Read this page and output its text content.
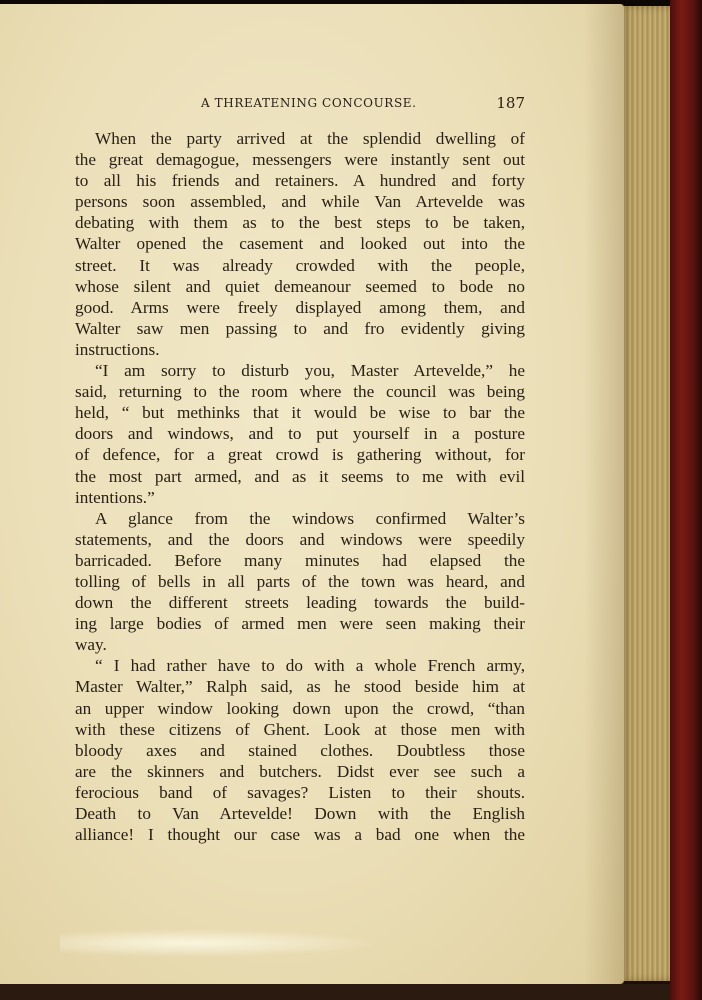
A THREATENING CONCOURSE.	187
When the party arrived at the splendid dwelling of
the great demagogue, messengers were instantly sent out
to all his friends and retainers. A hundred and forty
persons soon assembled, and while Van Artevelde was
debating with them as to the best steps to be taken,
Walter opened the casement and looked out into the
street. It was already crowded with the people,
whose silent and quiet demeanour seemed to bode no
good. Arms were freely displayed among them, and
Walter saw men passing to and fro evidently giving
instructions.
“I am sorry to disturb you, Master Artevelde,” he
said, returning to the room where the council was being
held, “ but methinks that it would be wise to bar the
doors and windows, and to put yourself in a posture
of defence, for a great crowd is gathering without, for
the most part armed, and as it seems to me with evil
intentions.”
A glance from the windows confirmed Walter’s
statements, and the doors and windows were speedily
barricaded. Before many minutes had elapsed the
tolling of bells in all parts of the town was heard, and
down the different streets leading towards the build-
ing large bodies of armed men were seen making their
way.
“ I had rather have to do with a whole French army,
Master Walter,” Ralph said, as he stood beside him at
an upper window looking down upon the crowd, “than
with these citizens of Ghent. Look at those men with
bloody axes and stained clothes. Doubtless those
are the skinners and butchers. Didst ever see such a
ferocious band of savages? Listen to their shouts.
Death to Van Artevelde! Down with the English
alliance! I thought our case was a bad one when the
